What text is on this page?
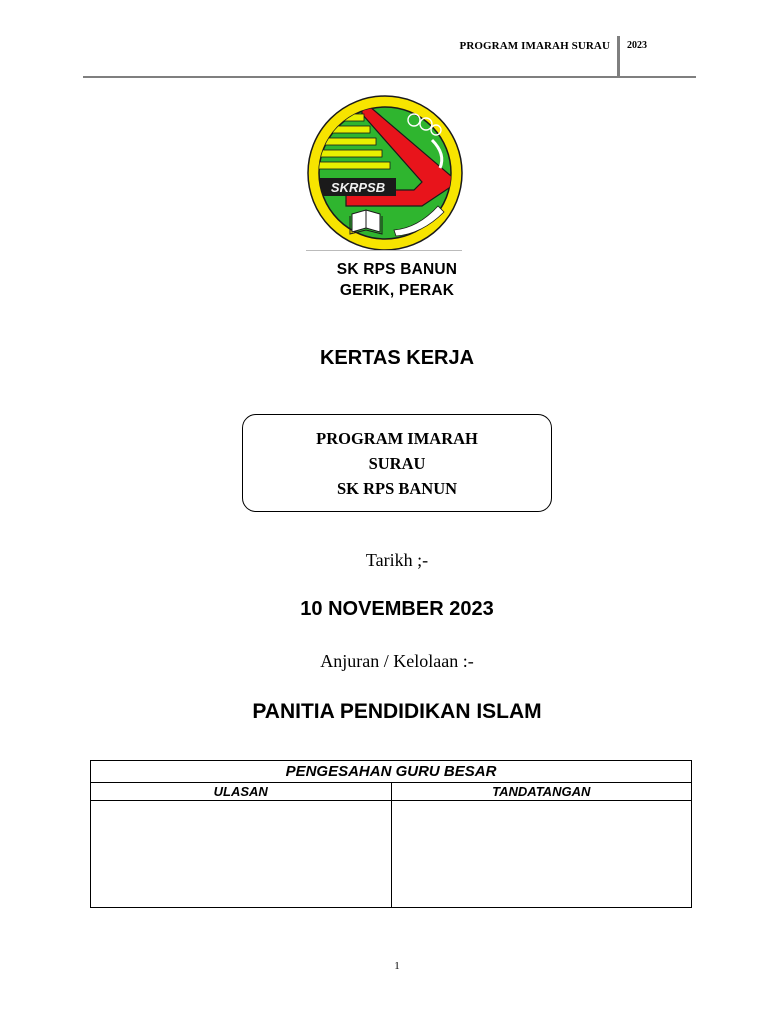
PROGRAM IMARAH SURAU 2023
SKRPSB
SK RPS BANUN
GERIK, PERAK
KERTAS KERJA
PROGRAM IMARAH
SURAU
SK RPS BANUN
Tarikh ;-
10 NOVEMBER 2023
Anjuran / Kelolaan :-
PANITIA PENDIDIKAN ISLAM
PENGESAHAN GURU BESAR	
ULASAN	TANDATANGAN

1
